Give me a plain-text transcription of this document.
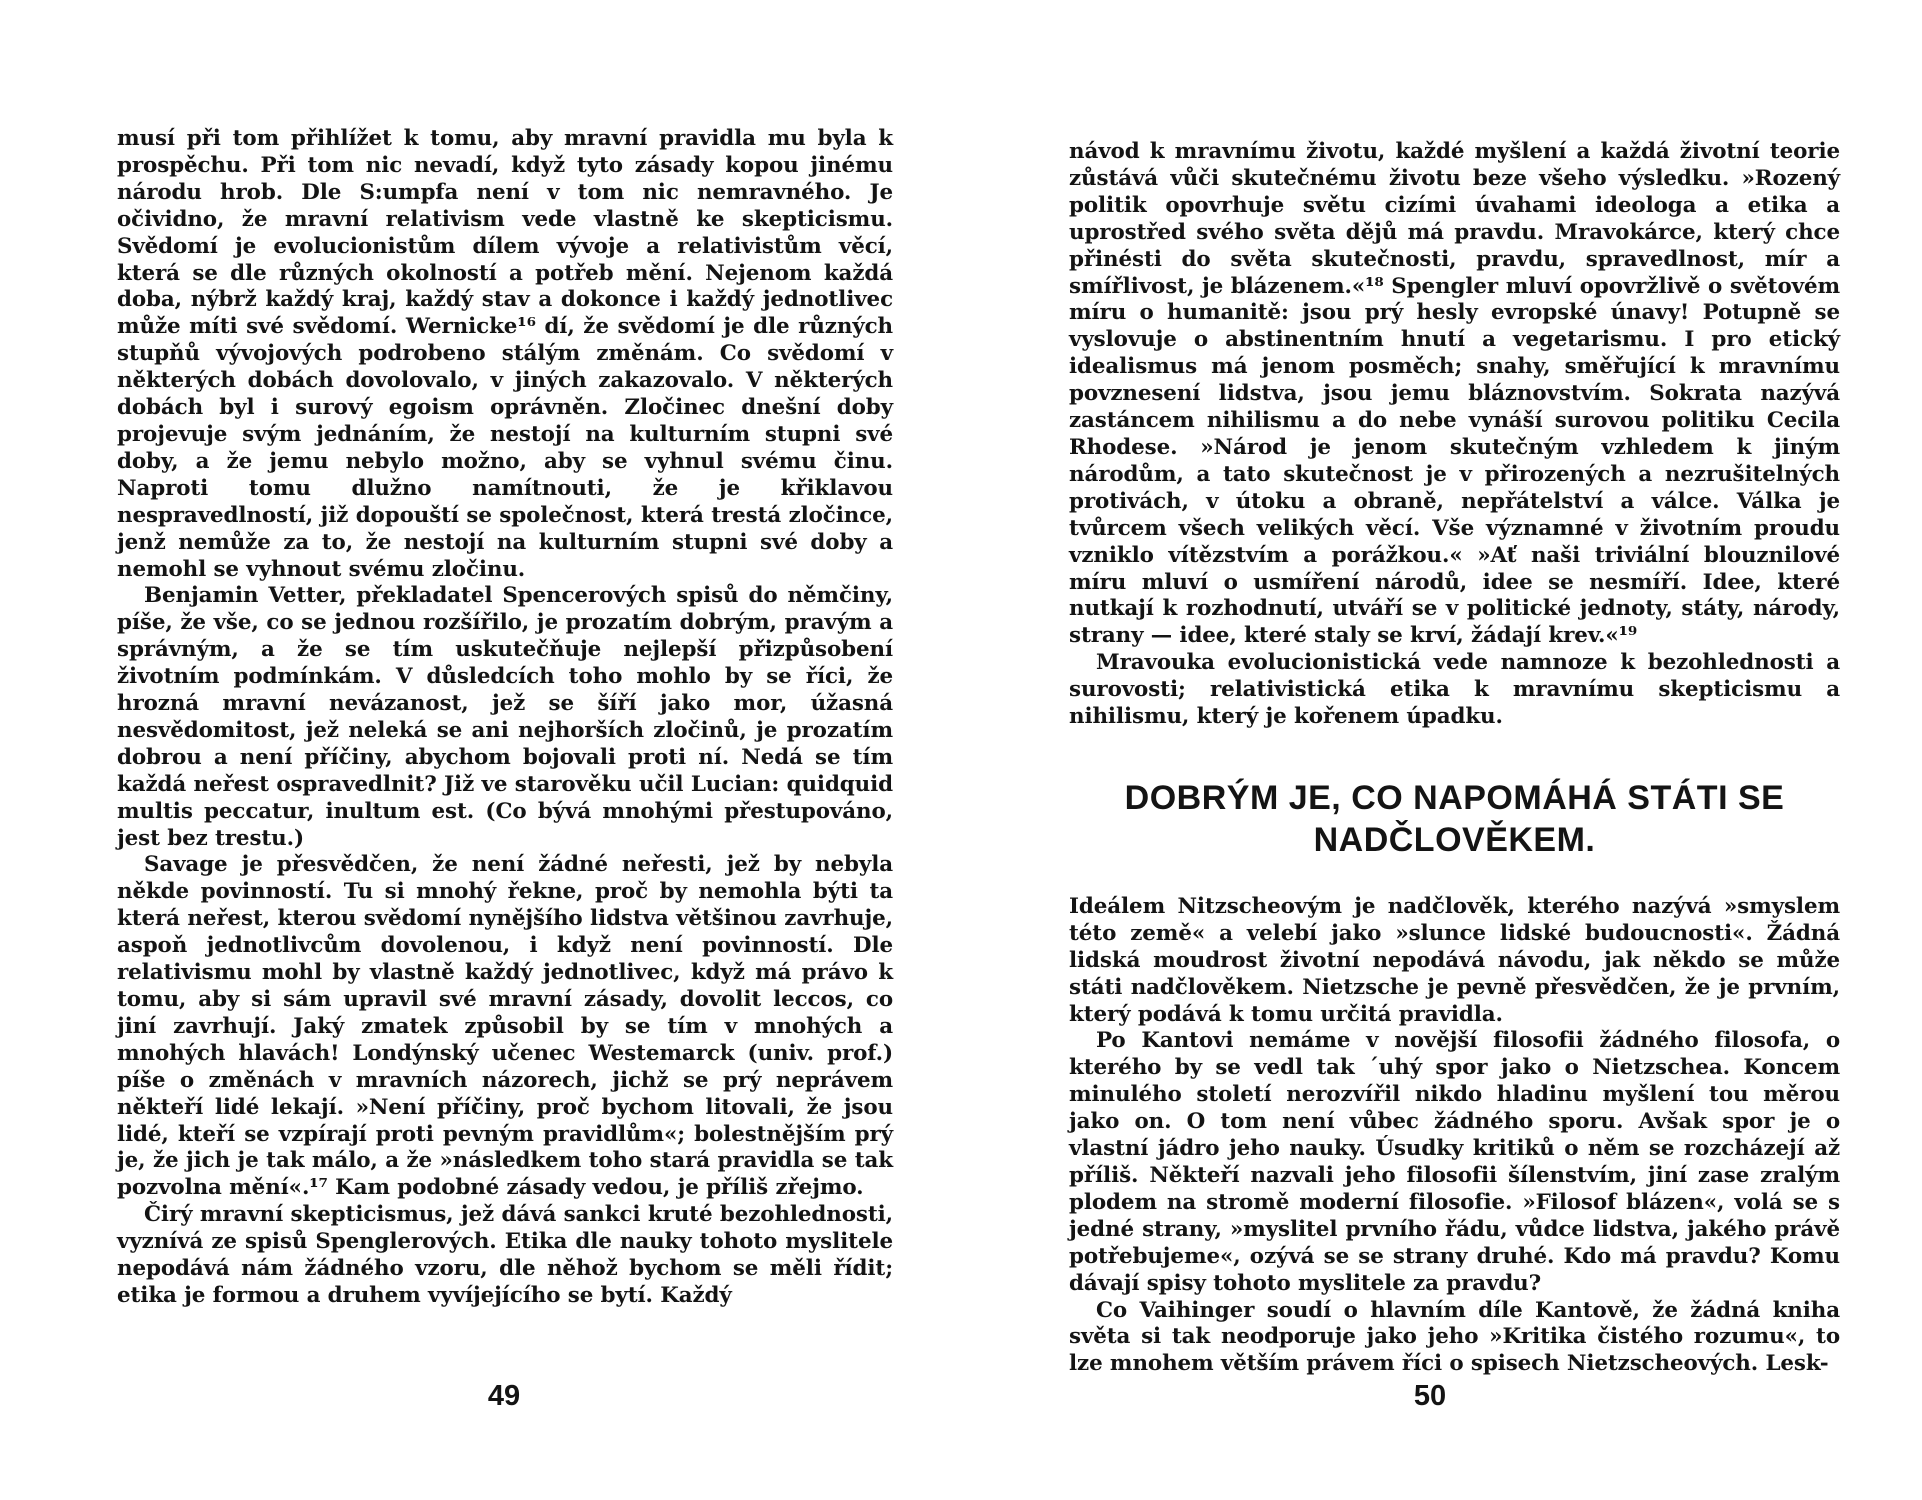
musí při tom přihlížet k tomu, aby mravní pravidla mu byla k prospěchu. Při tom nic nevadí, když tyto zásady kopou jinému národu hrob. Dle S:umpfa není v tom nic nemravného. Je očividno, že mravní relativism vede vlastně ke skepticismu. Svědomí je evolucionistům dílem vývoje a relativistům věcí, která se dle různých okolností a potřeb mění. Nejenom každá doba, nýbrž každý kraj, každý stav a dokonce i každý jednotlivec může míti své svědomí. Wernicke¹⁶ dí, že svědomí je dle různých stupňů vývojových podrobeno stálým změnám. Co svědomí v některých dobách dovolovalo, v jiných zakazovalo. V některých dobách byl i surový egoism oprávněn. Zločinec dnešní doby projevuje svým jednáním, že nestojí na kulturním stupni své doby, a že jemu nebylo možno, aby se vyhnul svému činu. Naproti tomu dlužno namítnouti, že je křiklavou nespravedlností, již dopouští se společnost, která trestá zločince, jenž nemůže za to, že nestojí na kulturním stupni své doby a nemohl se vyhnout svému zločinu.

Benjamin Vetter, překladatel Spencerových spisů do němčiny, píše, že vše, co se jednou rozšířilo, je prozatím dobrým, pravým a správným, a že se tím uskutečňuje nejlepší přizpůsobení životním podmínkám. V důsledcích toho mohlo by se říci, že hrozná mravní nevázanost, jež se šíří jako mor, úžasná nesvědomitost, jež neleká se ani nejhorších zločinů, je prozatím dobrou a není příčiny, abychom bojovali proti ní. Nedá se tím každá neřest ospravedlnit? Již ve starověku učil Lucian: quidquid multis peccatur, inultum est. (Co bývá mnohými přestupováno, jest bez trestu.)

Savage je přesvědčen, že není žádné neřesti, jež by nebyla někde povinností. Tu si mnohý řekne, proč by nemohla býti ta která neřest, kterou svědomí nynějšího lidstva většinou zavrhuje, aspoň jednotlivcům dovolenou, i když není povinností. Dle relativismu mohl by vlastně každý jednotlivec, když má právo k tomu, aby si sám upravil své mravní zásady, dovolit leccos, co jiní zavrhují. Jaký zmatek způsobil by se tím v mnohých a mnohých hlavách! Londýnský učenec Westemarck (univ. prof.) píše o změnách v mravních názorech, jichž se prý neprávem někteří lidé lekají. »Není příčiny, proč bychom litovali, že jsou lidé, kteří se vzpírají proti pevným pravidlům«; bolestnějším prý je, že jich je tak málo, a že »následkem toho stará pravidla se tak pozvolna mění«.¹⁷ Kam podobné zásady vedou, je příliš zřejmo.

Čirý mravní skepticismus, jež dává sankci kruté bezohlednosti, vyznívá ze spisů Spenglerových. Etika dle nauky tohoto myslitele nepodává nám žádného vzoru, dle něhož bychom se měli řídit; etika je formou a druhem vyvíjejícího se bytí. Každý

49

návod k mravnímu životu, každé myšlení a každá životní teorie zůstává vůči skutečnému životu beze všeho výsledku. »Rozený politik opovrhuje světu cizími úvahami ideologa a etika a uprostřed svého světa dějů má pravdu. Mravokárce, který chce přinésti do světa skutečnosti, pravdu, spravedlnost, mír a smířlivost, je blázenem.«¹⁸ Spengler mluví opovržlivě o světovém míru o humanitě: jsou prý hesly evropské únavy! Potupně se vyslovuje o abstinentním hnutí a vegetarismu. I pro etický idealismus má jenom posměch; snahy, směřující k mravnímu povznesení lidstva, jsou jemu bláznovstvím. Sokrata nazývá zastáncem nihilismu a do nebe vynáší surovou politiku Cecila Rhodese. »Národ je jenom skutečným vzhledem k jiným národům, a tato skutečnost je v přirozených a nezrušitelných protivách, v útoku a obraně, nepřátelství a válce. Válka je tvůrcem všech velikých věcí. Vše významné v životním proudu vzniklo vítězstvím a porážkou.« »Ať naši triviální blouznilové míru mluví o usmíření národů, idee se nesmíří. Idee, které nutkají k rozhodnutí, utváří se v politické jednoty, státy, národy, strany — idee, které staly se krví, žádají krev.«¹⁹

Mravouka evolucionistická vede namnoze k bezohlednosti a surovosti; relativistická etika k mravnímu skepticismu a nihilismu, který je kořenem úpadku.

DOBRÝM JE, CO NAPOMÁHÁ STÁTI SE NADČLOVĚKEM.

Ideálem Nitzscheovým je nadčlověk, kterého nazývá »smyslem této země« a velebí jako »slunce lidské budoucnosti«. Žádná lidská moudrost životní nepodává návodu, jak někdo se může státi nadčlověkem. Nietzsche je pevně přesvědčen, že je prvním, který podává k tomu určitá pravidla.

Po Kantovi nemáme v novější filosofii žádného filosofa, o kterého by se vedl tak ´uhý spor jako o Nietzschea. Koncem minulého století nerozvířil nikdo hladinu myšlení tou měrou jako on. O tom není vůbec žádného sporu. Avšak spor je o vlastní jádro jeho nauky. Úsudky kritiků o něm se rozcházejí až příliš. Někteří nazvali jeho filosofii šílenstvím, jiní zase zralým plodem na stromě moderní filosofie. »Filosof blázen«, volá se s jedné strany, »myslitel prvního řádu, vůdce lidstva, jakého právě potřebujeme«, ozývá se se strany druhé. Kdo má pravdu? Komu dávají spisy tohoto myslitele za pravdu?

Co Vaihinger soudí o hlavním díle Kantově, že žádná kniha světa si tak neodporuje jako jeho »Kritika čistého rozumu«, to lze mnohem větším právem říci o spisech Nietzscheových. Lesk-

50
